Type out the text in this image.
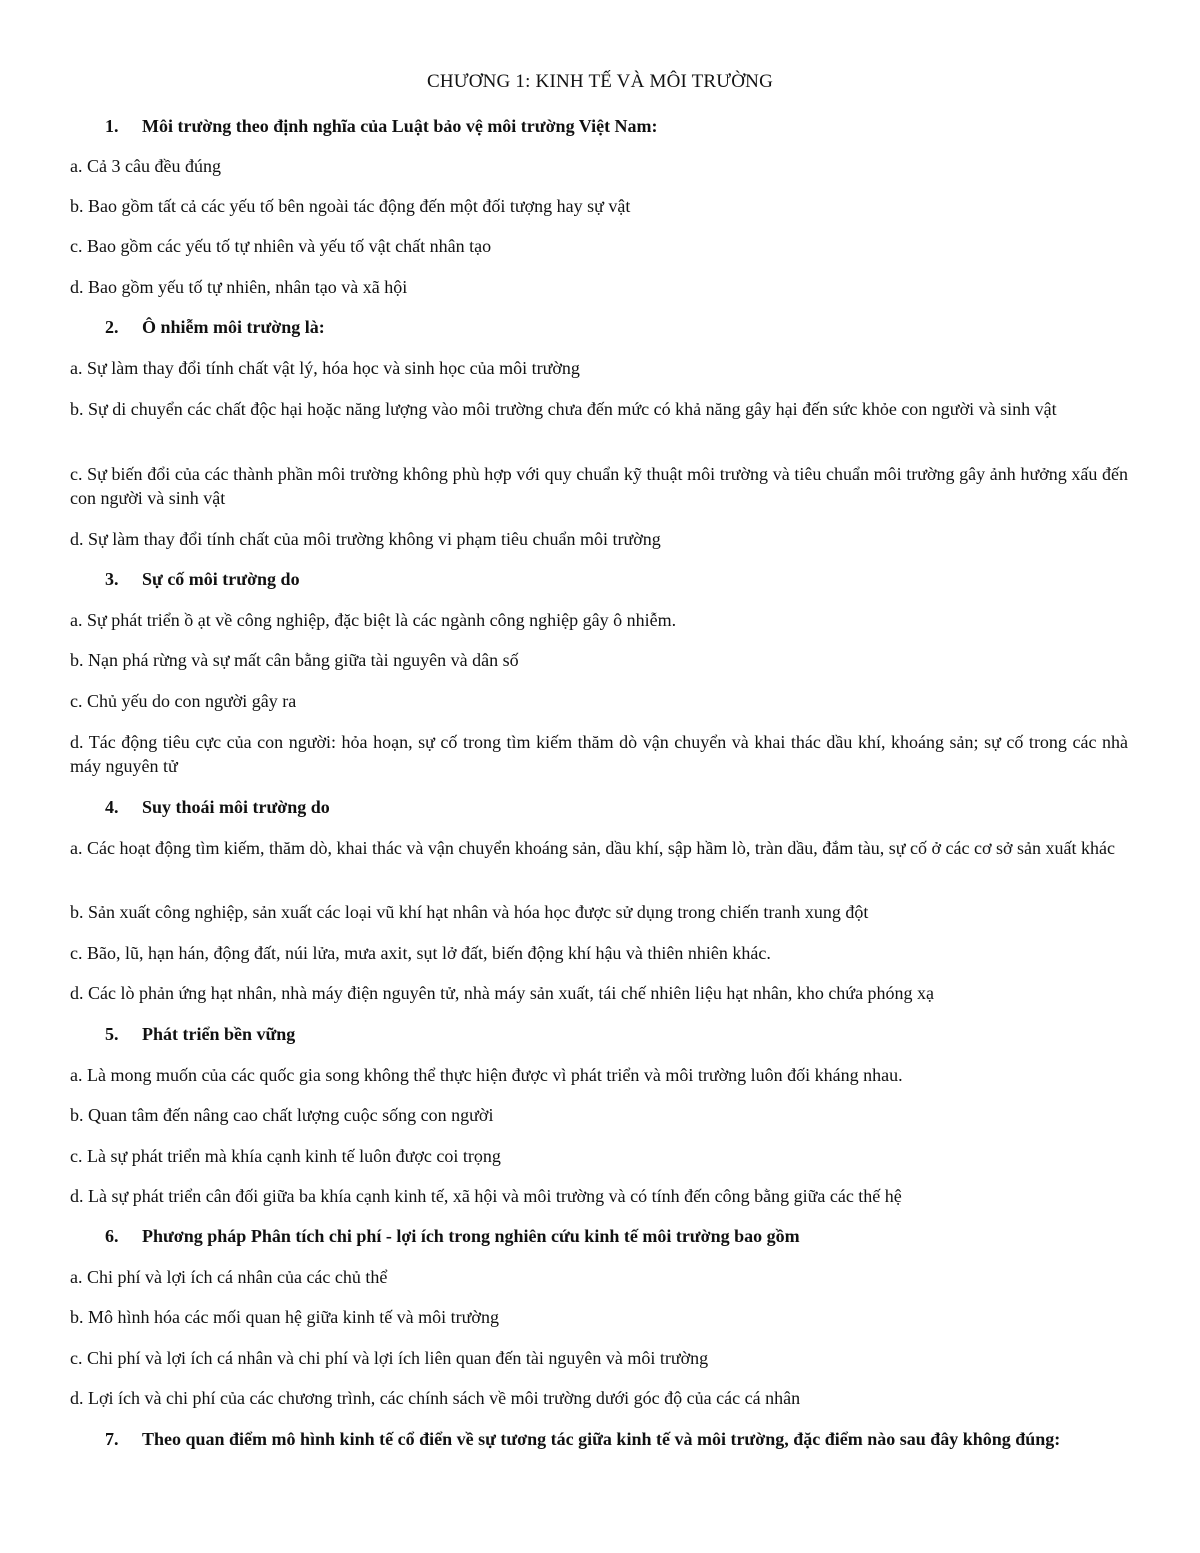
CHƯƠNG 1: KINH TẾ VÀ MÔI TRƯỜNG
1.	Môi trường theo định nghĩa của Luật bảo vệ môi trường Việt Nam:
a. Cả 3 câu đều đúng
b. Bao gồm tất cả các yếu tố bên ngoài tác động đến một đối tượng hay sự vật
c. Bao gồm các yếu tố tự nhiên và yếu tố vật chất nhân tạo
d. Bao gồm yếu tố tự nhiên, nhân tạo và xã hội
2.	Ô nhiễm môi trường là:
a. Sự làm thay đổi tính chất vật lý, hóa học và sinh học của môi trường
b. Sự di chuyển các chất độc hại hoặc năng lượng vào môi trường chưa đến mức có khả năng gây hại đến sức khỏe con người và sinh vật
c. Sự biến đổi của các thành phần môi trường không phù hợp với quy chuẩn kỹ thuật môi trường và tiêu chuẩn môi trường gây ảnh hưởng xấu đến con người và sinh vật
d. Sự làm thay đổi tính chất của môi trường không vi phạm tiêu chuẩn môi trường
3.	Sự cố môi trường do
a. Sự phát triển ồ ạt về công nghiệp, đặc biệt là các ngành công nghiệp gây ô nhiễm.
b. Nạn phá rừng và sự mất cân bằng giữa tài nguyên và dân số
c. Chủ yếu do con người gây ra
d. Tác động tiêu cực của con người: hỏa hoạn, sự cố trong tìm kiếm thăm dò vận chuyển và khai thác dầu khí, khoáng sản; sự cố trong các nhà máy nguyên tử
4.	Suy thoái môi trường do
a. Các hoạt động tìm kiếm, thăm dò, khai thác và vận chuyển khoáng sản, dầu khí, sập hầm lò, tràn dầu, đắm tàu, sự cố ở các cơ sở sản xuất khác
b. Sản xuất công nghiệp, sản xuất các loại vũ khí hạt nhân và hóa học được sử dụng trong chiến tranh xung đột
c. Bão, lũ, hạn hán, động đất, núi lửa, mưa axit, sụt lở đất, biến động khí hậu và thiên nhiên khác.
d. Các lò phản ứng hạt nhân, nhà máy điện nguyên tử, nhà máy sản xuất, tái chế nhiên liệu hạt nhân, kho chứa phóng xạ
5.	Phát triển bền vững
a. Là mong muốn của các quốc gia song không thể thực hiện được vì phát triển và môi trường luôn đối kháng nhau.
b. Quan tâm đến nâng cao chất lượng cuộc sống con người
c. Là sự phát triển mà khía cạnh kinh tế luôn được coi trọng
d. Là sự phát triển cân đối giữa ba khía cạnh kinh tế, xã hội và môi trường và có tính đến công bằng giữa các thế hệ
6.	Phương pháp Phân tích chi phí - lợi ích trong nghiên cứu kinh tế môi trường bao gồm
a. Chi phí và lợi ích cá nhân của các chủ thể
b. Mô hình hóa các mối quan hệ giữa kinh tế và môi trường
c. Chi phí và lợi ích cá nhân và chi phí và lợi ích liên quan đến tài nguyên và môi trường
d. Lợi ích và chi phí của các chương trình, các chính sách về môi trường dưới góc độ của các cá nhân
7.	Theo quan điểm mô hình kinh tế cổ điển về sự tương tác giữa kinh tế và môi trường, đặc điểm nào sau đây không đúng:
